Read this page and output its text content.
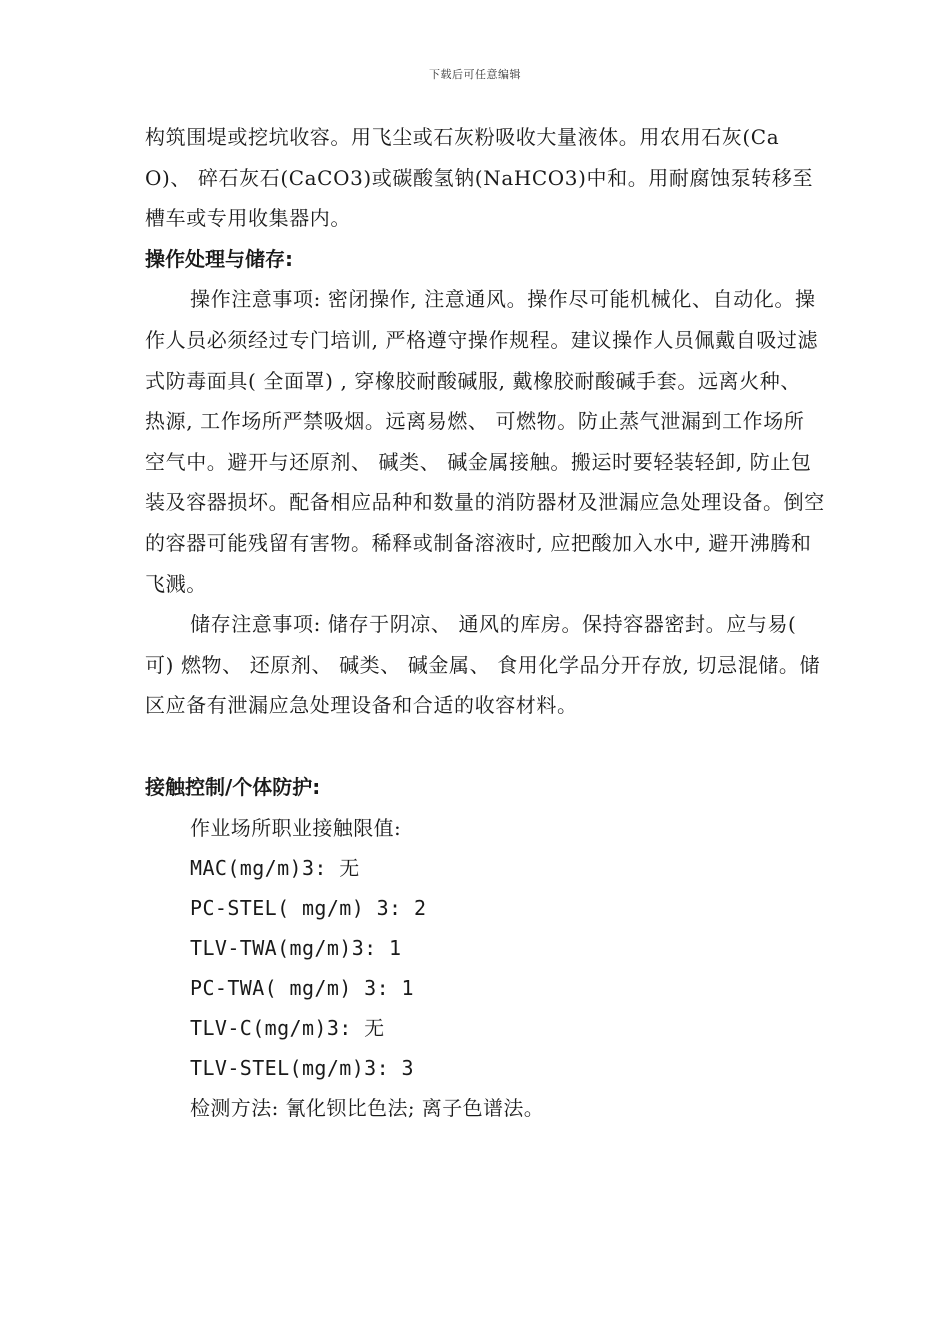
下载后可任意编辑

构筑围堤或挖坑收容。用飞尘或石灰粉吸收大量液体。用农用石灰(CaO)、 碎石灰石(CaCO3)或碳酸氢钠(NaHCO3)中和。用耐腐蚀泵转移至槽车或专用收集器内。

操作处理与储存:

操作注意事项: 密闭操作, 注意通风。操作尽可能机械化、自动化。操作人员必须经过专门培训, 严格遵守操作规程。建议操作人员佩戴自吸过滤式防毒面具( 全面罩) , 穿橡胶耐酸碱服, 戴橡胶耐酸碱手套。远离火种、 热源, 工作场所严禁吸烟。远离易燃、 可燃物。防止蒸气泄漏到工作场所空气中。避开与还原剂、 碱类、 碱金属接触。搬运时要轻装轻卸, 防止包装及容器损坏。配备相应品种和数量的消防器材及泄漏应急处理设备。倒空的容器可能残留有害物。稀释或制备溶液时, 应把酸加入水中, 避开沸腾和飞溅。

储存注意事项: 储存于阴凉、 通风的库房。保持容器密封。应与易( 可) 燃物、 还原剂、 碱类、 碱金属、 食用化学品分开存放, 切忌混储。储区应备有泄漏应急处理设备和合适的收容材料。

接触控制/个体防护:

作业场所职业接触限值:
MAC(mg/m)3: 无
PC-STEL( mg/m) 3: 2
TLV-TWA(mg/m)3: 1
PC-TWA( mg/m) 3: 1
TLV-C(mg/m)3: 无
TLV-STEL(mg/m)3: 3
检测方法: 氰化钡比色法; 离子色谱法。
